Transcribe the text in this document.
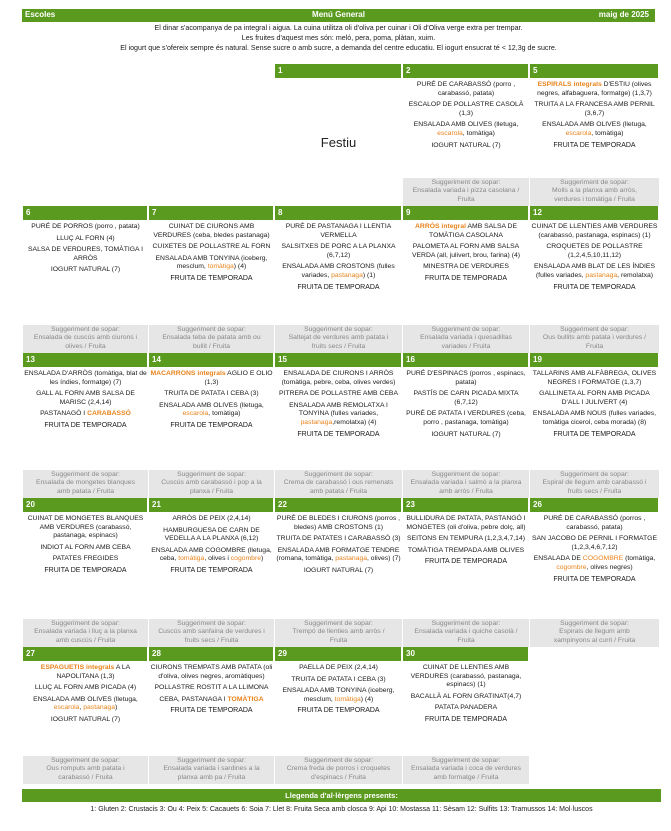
Escoles	Menú General	maig de 2025
El dinar s'acompanya de pa integral i aigua. La cuina utilitza oli d'oliva per cuinar i Oli d'Oliva verge extra per trempar.
Les fruites d'aquest mes són: meló, pera, poma, plàtan, xuim.
El iogurt que s'ofereix sempre és natural. Sense sucre o amb sucre, a demanda del centre educatiu. El iogurt ensucrat té < 12,3g de sucre.
1
Festiu
2
PURÉ DE CARABASSÓ (porro , carabassó, patata)
ESCALOP DE POLLASTRE CASOLÀ (1,3)
ENSALADA AMB OLIVES (lletuga, escarola, tomàtiga)
IOGURT NATURAL (7)
Suggeriment de sopar:
Ensalada variada i pizza casolana / Fruita
5
ESPIRALS integrals D'ESTIU (olives negres, alfabaguera, formatge) (1,3,7)
TRUITA A LA FRANCESA AMB PERNIL (3,6,7)
ENSALADA AMB OLIVES (lletuga, escarola, tomàtiga)
FRUITA DE TEMPORADA
Suggeriment de sopar:
Molls a la planxa amb arròs,
verdures i tomàtiga / Fruita
6
PURÉ DE PORROS (porro , patata)
LLUÇ AL FORN (4)
SALSA DE VERDURES, TOMÀTIGA I ARRÒS
IOGURT NATURAL (7)
Suggeriment de sopar:
Ensalada de cuscús amb ciurons i
olives / Fruita
7
CUINAT DE CIURONS AMB VERDURES (ceba, bledes pastanaga)
CUIXETES DE POLLASTRE AL FORN
ENSALADA AMB TONYINA (iceberg, mesclum, tomàtiga) (4)
FRUITA DE TEMPORADA
Suggeriment de sopar:
Ensalada teba de patata amb ou
bullit / Fruita
8
PURÉ DE PASTANAGA I LLENTIA VERMELLA
SALSITXES DE PORC A LA PLANXA (6,7,12)
ENSALADA AMB CROSTONS (fulles variades, pastanaga) (1)
FRUITA DE TEMPORADA
Suggeriment de sopar:
Saltejat de verdures amb patata i
fruits secs / Fruita
9
ARRÒS integral AMB SALSA DE TOMÀTIGA CASOLANA
PALOMETA AL FORN AMB SALSA VERDA (all, julivert, brou, farina) (4)
MINESTRA DE VERDURES
FRUITA DE TEMPORADA
Suggeriment de sopar:
Ensalada variada i quesadillas
variades / Fruita
12
CUINAT DE LLENTIES AMB VERDURES (carabassó, pastanaga, espinacs) (1)
CROQUETES DE POLLASTRE (1,2,4,5,10,11,12)
ENSALADA AMB BLAT DE LES ÍNDIES (fulles variades, pastanaga, remolatxa)
FRUITA DE TEMPORADA
Suggeriment de sopar:
Ous bullits amb patata i verdures /
Fruita
13
ENSALADA D'ARRÒS (tomàtiga, blat de les índies, formatge) (7)
GALL AL FORN AMB SALSA DE MARISC (2,4,14)
PASTANAGÓ I CARABASSÓ
FRUITA DE TEMPORADA
Suggeriment de sopar:
Ensalada de mongetes blanques
amb patata / Fruita
14
MACARRONS integrals AGLIO E OLIO (1,3)
TRUITA DE PATATA I CEBA (3)
ENSALADA AMB OLIVES (lletuga, escarola, tomàtiga)
FRUITA DE TEMPORADA
Suggeriment de sopar:
Cuscús amb carabassó i pop a la
planxa / Fruita
15
ENSALADA DE CIURONS I ARRÒS (tomàtiga, pebre, ceba, olives verdes)
PITRERA DE POLLASTRE AMB CEBA
ENSALADA AMB REMOLATXA I TONYINA (fulles variades, pastanaga,remolatxa) (4)
FRUITA DE TEMPORADA
Suggeriment de sopar:
Crema de carabassó i ous remenats
amb patata / Fruita
16
PURÉ D'ESPINACS (porros , espinacs, patata)
PASTÍS DE CARN PICADA MIXTA (6,7,12)
PURÉ DE PATATA I VERDURES (ceba, porro , pastanaga, tomàtiga)
IOGURT NATURAL (7)
Suggeriment de sopar:
Ensalada variada i salmó a la planxa
amb arròs / Fruita
19
TALLARINS AMB ALFÀBREGA, OLIVES NEGRES I FORMATGE (1,3,7)
GALLINETA AL FORN AMB PICADA D'ALL I JULIVERT (4)
ENSALADA AMB NOUS (fulles variades, tomàtiga cicerol, ceba morada) (8)
FRUITA DE TEMPORADA
Suggeriment de sopar:
Espiral de llegum amb carabassó i
fruits secs / Fruita
20
CUINAT DE MONGETES BLANQUES AMB VERDURES (carabassó, pastanaga, espinacs)
INDIOT AL FORN AMB CEBA
PATATES FREGIDES
FRUITA DE TEMPORADA
Suggeriment de sopar:
Ensalada variada i lluç a la planxa
amb cuscús / Fruita
21
ARRÒS DE PEIX (2,4,14)
HAMBURGUESA DE CARN DE VEDELLA A LA PLANXA (6,12)
ENSALADA AMB COGOMBRE (lletuga, ceba, tomàtiga, olives i cogombre)
FRUITA DE TEMPORADA
Suggeriment de sopar:
Cuscús amb sanfaina de verdures i
fruits secs / Fruita
22
PURÉ DE BLEDES I CIURONS (porros , bledes) AMB CROSTONS (1)
TRUITA DE PATATES I CARABASSÓ (3)
ENSALADA AMB FORMATGE TENDRE (romana, tomàtiga, pastanaga, olives) (7)
IOGURT NATURAL (7)
Suggeriment de sopar:
Trempó de llenties amb arròs /
Fruita
23
BULLIDURA DE PATATA, PASTANGÓ I MONGETES (oli d'oliva, pebre dolç, all)
SEITONS EN TEMPURA (1,2,3,4,7,14)
TOMÀTIGA TREMPADA AMB OLIVES
FRUITA DE TEMPORADA
Suggeriment de sopar:
Ensalada variada i quiche casolà /
Fruita
26
PURÉ DE CARABASSÓ (porros , carabassó, patata)
SAN JACOBO DE PERNIL I FORMATGE (1,2,3,4,6,7,12)
ENSALADA DE COGOMBRE (tomàtiga, cogombre, olives negres)
FRUITA DE TEMPORADA
Suggeriment de sopar:
Espirals de llegum amb
xampinyons al curri / Fruita
27
ESPAGUETIS integrals A LA NAPOLITANA (1,3)
LLUÇ AL FORN AMB PICADA (4)
ENSALADA AMB OLIVES (lletuga, escarola, pastanaga)
IOGURT NATURAL (7)
Suggeriment de sopar:
Ous romputs amb patata i
carabassó / Fruita
28
CIURONS TREMPATS AMB PATATA (oli d'oliva, olives negres, aromàtiques)
POLLASTRE ROSTIT A LA LLIMONA
CEBA, PASTANAGA I TOMÀTIGA
FRUITA DE TEMPORADA
Suggeriment de sopar:
Ensalada variada i sardines a la
planxa amb pa / Fruita
29
PAELLA DE PEIX (2,4,14)
TRUITA DE PATATA I CEBA (3)
ENSALADA AMB TONYINA (iceberg, mesclum, tomàtiga) (4)
FRUITA DE TEMPORADA
Suggeriment de sopar:
Crema freda de porros i croquetes
d'espinacs / Fruita
30
CUINAT DE LLENTIES AMB VERDURES (carabassó, pastanaga, espinacs) (1)
BACALLÀ AL FORN GRATINAT(4,7)
PATATA PANADERA
FRUITA DE TEMPORADA
Suggeriment de sopar:
Ensalada variada i coca de verdures
amb formatge / Fruita
Llegenda d'al·lèrgens presents:
1: Gluten 2: Crustacis 3: Ou 4: Peix 5: Cacauets 6: Soia 7: Llet 8: Fruita Seca amb closca 9: Api 10: Mostassa 11: Sèsam 12: Sulfits 13: Tramussos 14: Mol·luscos
